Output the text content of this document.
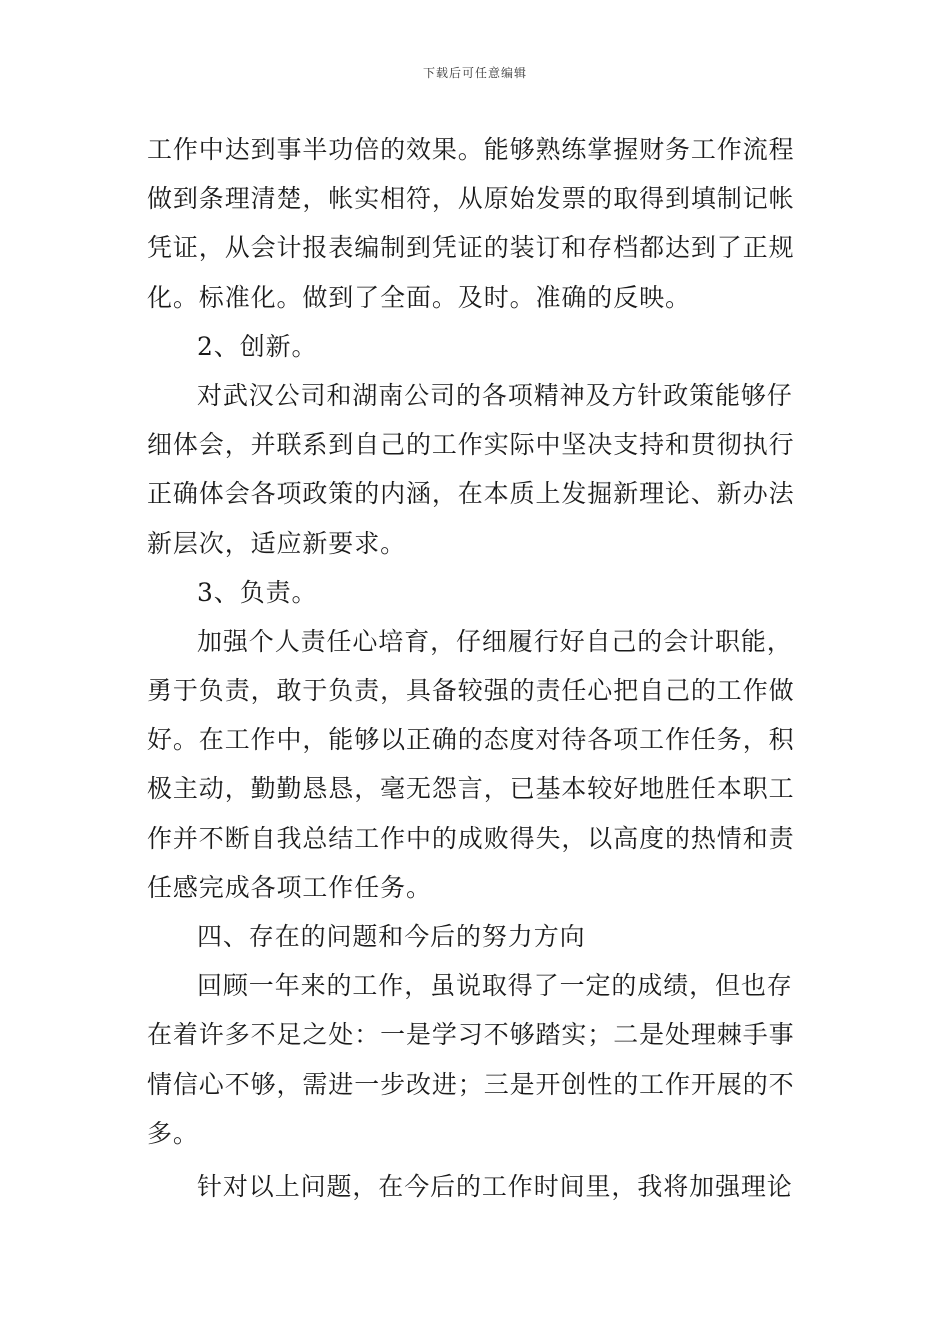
下载后可任意编辑
工作中达到事半功倍的效果。能够熟练掌握财务工作流程
做到条理清楚，帐实相符，从原始发票的取得到填制记帐
凭证，从会计报表编制到凭证的装订和存档都达到了正规
化。标准化。做到了全面。及时。准确的反映。
2、创新。
对武汉公司和湖南公司的各项精神及方针政策能够仔
细体会，并联系到自己的工作实际中坚决支持和贯彻执行
正确体会各项政策的内涵，在本质上发掘新理论、新办法
新层次，适应新要求。
3、负责。
加强个人责任心培育，仔细履行好自己的会计职能，
勇于负责，敢于负责，具备较强的责任心把自己的工作做
好。在工作中，能够以正确的态度对待各项工作任务，积
极主动，勤勤恳恳，毫无怨言，已基本较好地胜任本职工
作并不断自我总结工作中的成败得失，以高度的热情和责
任感完成各项工作任务。
四、存在的问题和今后的努力方向
回顾一年来的工作，虽说取得了一定的成绩，但也存
在着许多不足之处：一是学习不够踏实；二是处理棘手事
情信心不够，需进一步改进；三是开创性的工作开展的不
多。
针对以上问题，在今后的工作时间里，我将加强理论
